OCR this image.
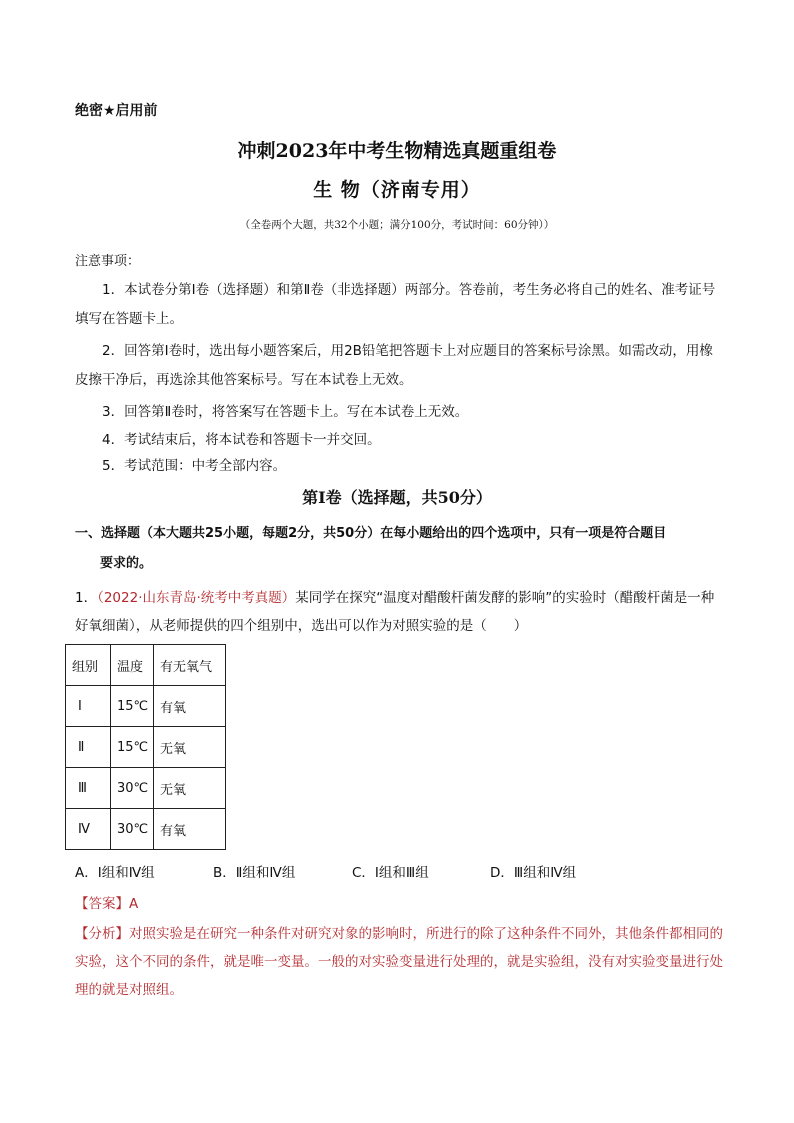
绝密★启用前
冲刺2023年中考生物精选真题重组卷
生 物（济南专用）
（全卷两个大题，共32个小题；满分100分，考试时间：60分钟））
注意事项：
1．本试卷分第Ⅰ卷（选择题）和第Ⅱ卷（非选择题）两部分。答卷前，考生务必将自己的姓名、准考证号填写在答题卡上。
2．回答第Ⅰ卷时，选出每小题答案后，用2B铅笔把答题卡上对应题目的答案标号涂黑。如需改动，用橡皮擦干净后，再选涂其他答案标号。写在本试卷上无效。
3．回答第Ⅱ卷时，将答案写在答题卡上。写在本试卷上无效。
4．考试结束后，将本试卷和答题卡一并交回。
5．考试范围：中考全部内容。
第Ⅰ卷（选择题，共50分）
一、选择题（本大题共25小题，每题2分，共50分）在每小题给出的四个选项中，只有一项是符合题目
要求的。
1．（2022·山东青岛·统考中考真题）某同学在探究“温度对醋酸杆菌发酵的影响”的实验时（醋酸杆菌是一种好氧细菌），从老师提供的四个组别中，选出可以作为对照实验的是（　　）
组别	温度	有无氧气
Ⅰ	15℃	有氧
Ⅱ	15℃	无氧
Ⅲ	30℃	无氧
Ⅳ	30℃	有氧
A．Ⅰ组和Ⅳ组	B．Ⅱ组和Ⅳ组	C．Ⅰ组和Ⅲ组	D．Ⅲ组和Ⅳ组
【答案】A
【分析】对照实验是在研究一种条件对研究对象的影响时，所进行的除了这种条件不同外，其他条件都相同的实验，这个不同的条件，就是唯一变量。一般的对实验变量进行处理的，就是实验组，没有对实验变量进行处理的就是对照组。
